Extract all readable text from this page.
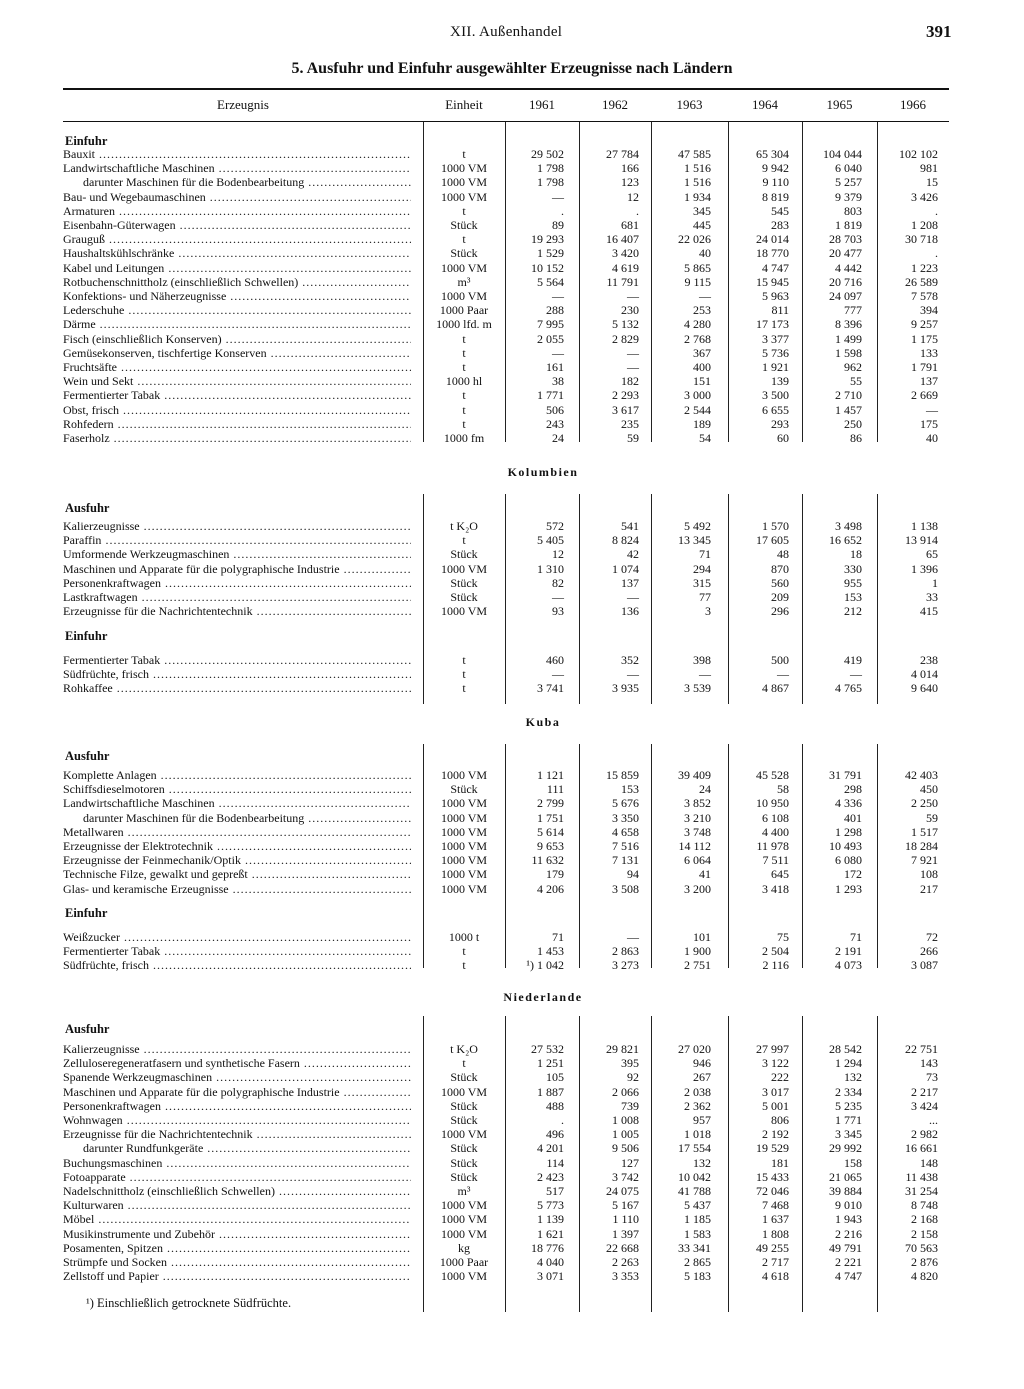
XII. Außenhandel	391
5. Ausfuhr und Einfuhr ausgewählter Erzeugnisse nach Ländern
Erzeugnis	Einheit	1961	1962	1963	1964	1965	1966
Einfuhr
Bauxit .....	t	29 502	27 784	47 585	65 304	104 044	102 102
Landwirtschaftliche Maschinen .....	1000 VM	1 798	166	1 516	9 942	6 040	981
darunter Maschinen für die Bodenbearbeitung .....	1000 VM	1 798	123	1 516	9 110	5 257	15
Bau- und Wegebaumaschinen .....	1000 VM	—	12	1 934	8 819	9 379	3 426
Armaturen .....	t	.	.	345	545	803	.
Eisenbahn-Güterwagen .....	Stück	89	681	445	283	1 819	1 208
Grauguß .....	t	19 293	16 407	22 026	24 014	28 703	30 718
Haushaltskühlschränke .....	Stück	1 529	3 420	40	18 770	20 477	.
Kabel und Leitungen .....	1000 VM	10 152	4 619	5 865	4 747	4 442	1 223
Rotbuchenschnittholz (einschließlich Schwellen) .....	m³	5 564	11 791	9 115	15 945	20 716	26 589
Konfektions- und Näherzeugnisse .....	1000 VM	—	—	—	5 963	24 097	7 578
Lederschuhe .....	1000 Paar	288	230	253	811	777	394
Därme .....	1000 lfd. m	7 995	5 132	4 280	17 173	8 396	9 257
Fisch (einschließlich Konserven) .....	t	2 055	2 829	2 768	3 377	1 499	1 175
Gemüsekonserven, tischfertige Konserven .....	t	—	—	367	5 736	1 598	133
Fruchtsäfte .....	t	161	—	400	1 921	962	1 791
Wein und Sekt .....	1000 hl	38	182	151	139	55	137
Fermentierter Tabak .....	t	1 771	2 293	3 000	3 500	2 710	2 669
Obst, frisch .....	t	506	3 617	2 544	6 655	1 457	—
Rohfedern .....	t	243	235	189	293	250	175
Faserholz .....	1000 fm	24	59	54	60	86	40
Kolumbien
Ausfuhr
Kalierzeugnisse .....	t K₂O	572	541	5 492	1 570	3 498	1 138
Paraffin .....	t	5 405	8 824	13 345	17 605	16 652	13 914
Umformende Werkzeugmaschinen .....	Stück	12	42	71	48	18	65
Maschinen und Apparate für die polygraphische Industrie .....	1000 VM	1 310	1 074	294	870	330	1 396
Personenkraftwagen .....	Stück	82	137	315	560	955	1
Lastkraftwagen .....	Stück	—	—	77	209	153	33
Erzeugnisse für die Nachrichtentechnik .....	1000 VM	93	136	3	296	212	415
Einfuhr
Fermentierter Tabak .....	t	460	352	398	500	419	238
Südfrüchte, frisch .....	t	—	—	—	—	—	4 014
Rohkaffee .....	t	3 741	3 935	3 539	4 867	4 765	9 640
Kuba
Ausfuhr
Komplette Anlagen .....	1000 VM	1 121	15 859	39 409	45 528	31 791	42 403
Schiffsdieselmotoren .....	Stück	111	153	24	58	298	450
Landwirtschaftliche Maschinen .....	1000 VM	2 799	5 676	3 852	10 950	4 336	2 250
darunter Maschinen für die Bodenbearbeitung .....	1000 VM	1 751	3 350	3 210	6 108	401	59
Metallwaren .....	1000 VM	5 614	4 658	3 748	4 400	1 298	1 517
Erzeugnisse der Elektrotechnik .....	1000 VM	9 653	7 516	14 112	11 978	10 493	18 284
Erzeugnisse der Feinmechanik/Optik .....	1000 VM	11 632	7 131	6 064	7 511	6 080	7 921
Technische Filze, gewalkt und gepreßt .....	1000 VM	179	94	41	645	172	108
Glas- und keramische Erzeugnisse .....	1000 VM	4 206	3 508	3 200	3 418	1 293	217
Einfuhr
Weißzucker .....	1000 t	71	—	101	75	71	72
Fermentierter Tabak .....	t	1 453	2 863	1 900	2 504	2 191	266
Südfrüchte, frisch .....	t	¹) 1 042	3 273	2 751	2 116	4 073	3 087
Niederlande
Ausfuhr
Kalierzeugnisse .....	t K₂O	27 532	29 821	27 020	27 997	28 542	22 751
Zelluloseregeneratfasern und synthetische Fasern .....	t	1 251	395	946	3 122	1 294	143
Spanende Werkzeugmaschinen .....	Stück	105	92	267	222	132	73
Maschinen und Apparate für die polygraphische Industrie .....	1000 VM	1 887	2 066	2 038	3 017	2 334	2 217
Personenkraftwagen .....	Stück	488	739	2 362	5 001	5 235	3 424
Wohnwagen .....	Stück	.	1 008	957	806	1 771	...
Erzeugnisse für die Nachrichtentechnik .....	1000 VM	496	1 005	1 018	2 192	3 345	2 982
darunter Rundfunkgeräte .....	Stück	4 201	9 506	17 554	19 529	29 992	16 661
Buchungsmaschinen .....	Stück	114	127	132	181	158	148
Fotoapparate .....	Stück	2 423	3 742	10 042	15 433	21 065	11 438
Nadelschnittholz (einschließlich Schwellen) .....	m³	517	24 075	41 788	72 046	39 884	31 254
Kulturwaren .....	1000 VM	5 773	5 167	5 437	7 468	9 010	8 748
Möbel .....	1000 VM	1 139	1 110	1 185	1 637	1 943	2 168
Musikinstrumente und Zubehör .....	1000 VM	1 621	1 397	1 583	1 808	2 216	2 158
Posamenten, Spitzen .....	kg	18 776	22 668	33 341	49 255	49 791	70 563
Strümpfe und Socken .....	1000 Paar	4 040	2 263	2 865	2 717	2 221	2 876
Zellstoff und Papier .....	1000 VM	3 071	3 353	5 183	4 618	4 747	4 820
¹) Einschließlich getrocknete Südfrüchte.
